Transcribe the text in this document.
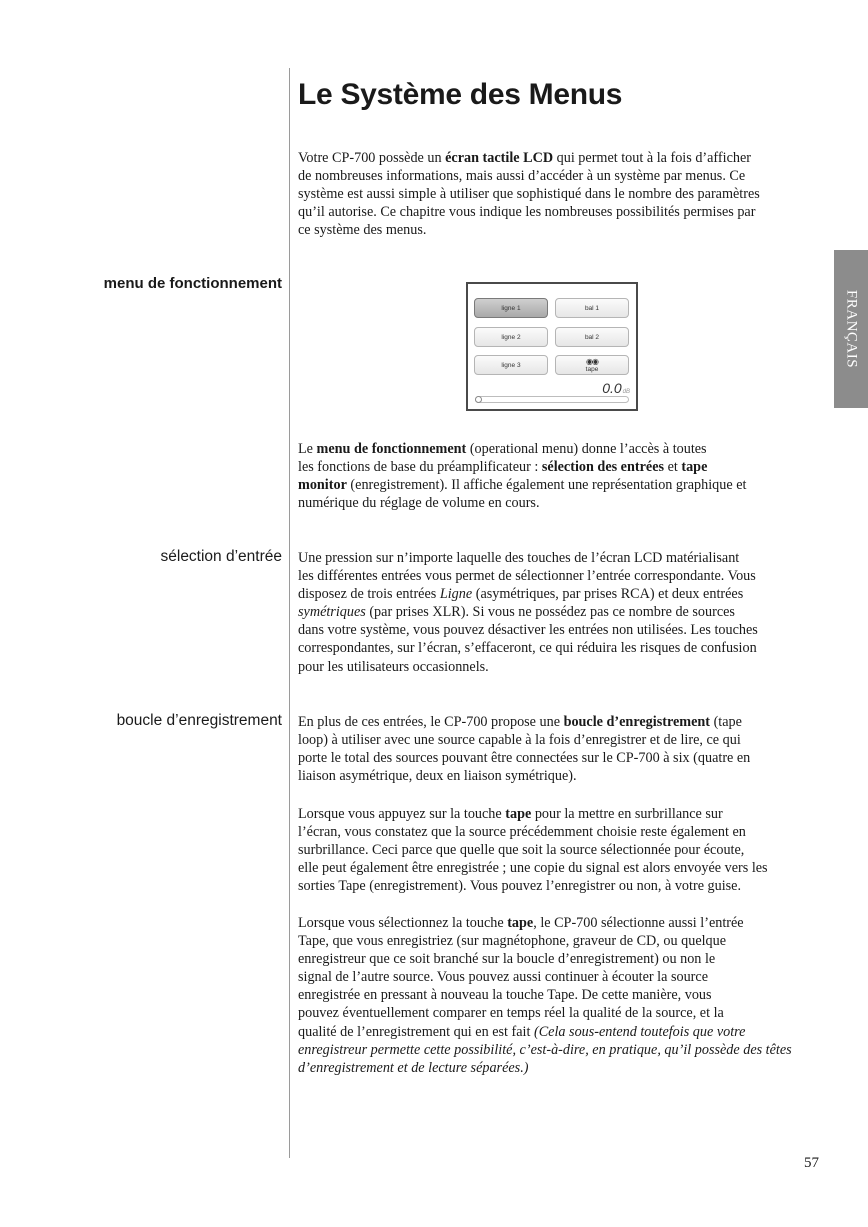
Le Système des Menus
Votre CP-700 possède un écran tactile LCD qui permet tout à la fois d’afficher
de nombreuses informations, mais aussi d’accéder à un système par menus. Ce
système est aussi simple à utiliser que sophistiqué dans le nombre des paramètres
qu’il autorise. Ce chapitre vous indique les nombreuses possibilités permises par
ce système des menus.
menu de fonctionnement
FRANÇAIS
ligne 1	bal 1
ligne 2	bal 2
ligne 3	◉◉
tape
0.0dB
Le menu de fonctionnement (operational menu) donne l’accès à toutes
les fonctions de base du préamplificateur : sélection des entrées et tape
monitor (enregistrement). Il affiche également une représentation graphique et
numérique du réglage de volume en cours.
sélection d’entrée Une pression sur n’importe laquelle des touches de l’écran LCD matérialisant
les différentes entrées vous permet de sélectionner l’entrée correspondante. Vous
disposez de trois entrées Ligne (asymétriques, par prises RCA) et deux entrées
symétriques (par prises XLR). Si vous ne possédez pas ce nombre de sources
dans votre système, vous pouvez désactiver les entrées non utilisées. Les touches
correspondantes, sur l’écran, s’effaceront, ce qui réduira les risques de confusion
pour les utilisateurs occasionnels.
boucle d’enregistrement En plus de ces entrées, le CP-700 propose une boucle d’enregistrement (tape
loop) à utiliser avec une source capable à la fois d’enregistrer et de lire, ce qui
porte le total des sources pouvant être connectées sur le CP-700 à six (quatre en
liaison asymétrique, deux en liaison symétrique).
Lorsque vous appuyez sur la touche tape pour la mettre en surbrillance sur
l’écran, vous constatez que la source précédemment choisie reste également en
surbrillance. Ceci parce que quelle que soit la source sélectionnée pour écoute,
elle peut également être enregistrée ; une copie du signal est alors envoyée vers les
sorties Tape (enregistrement). Vous pouvez l’enregistrer ou non, à votre guise.
Lorsque vous sélectionnez la touche tape, le CP-700 sélectionne aussi l’entrée
Tape, que vous enregistriez (sur magnétophone, graveur de CD, ou quelque
enregistreur que ce soit branché sur la boucle d’enregistrement) ou non le
signal de l’autre source. Vous pouvez aussi continuer à écouter la source
enregistrée en pressant à nouveau la touche Tape. De cette manière, vous
pouvez éventuellement comparer en temps réel la qualité de la source, et la
qualité de l’enregistrement qui en est fait (Cela sous-entend toutefois que votre
enregistreur permette cette possibilité, c’est-à-dire, en pratique, qu’il possède des têtes
d’enregistrement et de lecture séparées.)
57
